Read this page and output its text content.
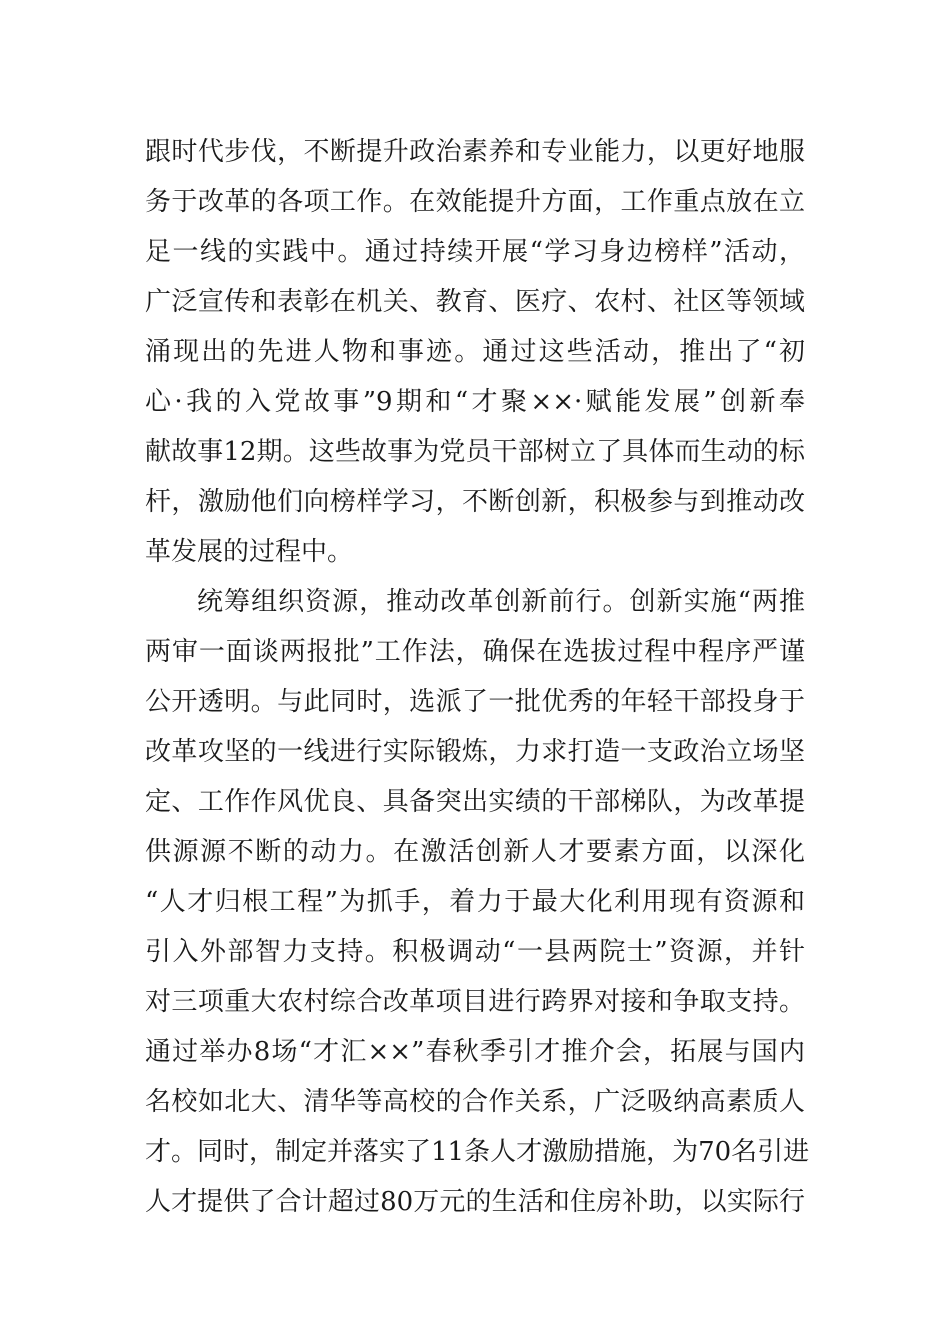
跟时代步伐，不断提升政治素养和专业能力，以更好地服
务于改革的各项工作。在效能提升方面，工作重点放在立
足一线的实践中。通过持续开展“学习身边榜样”活动，
广泛宣传和表彰在机关、教育、医疗、农村、社区等领域
涌现出的先进人物和事迹。通过这些活动，推出了“初
心·我的入党故事”9期和“才聚××·赋能发展”创新奉
献故事12期。这些故事为党员干部树立了具体而生动的标
杆，激励他们向榜样学习，不断创新，积极参与到推动改
革发展的过程中。
统筹组织资源，推动改革创新前行。创新实施“两推
两审一面谈两报批”工作法，确保在选拔过程中程序严谨
公开透明。与此同时，选派了一批优秀的年轻干部投身于
改革攻坚的一线进行实际锻炼，力求打造一支政治立场坚
定、工作作风优良、具备突出实绩的干部梯队，为改革提
供源源不断的动力。在激活创新人才要素方面，以深化
“人才归根工程”为抓手，着力于最大化利用现有资源和
引入外部智力支持。积极调动“一县两院士”资源，并针
对三项重大农村综合改革项目进行跨界对接和争取支持。
通过举办8场“才汇××”春秋季引才推介会，拓展与国内
名校如北大、清华等高校的合作关系，广泛吸纳高素质人
才。同时，制定并落实了11条人才激励措施，为70名引进
人才提供了合计超过80万元的生活和住房补助，以实际行
